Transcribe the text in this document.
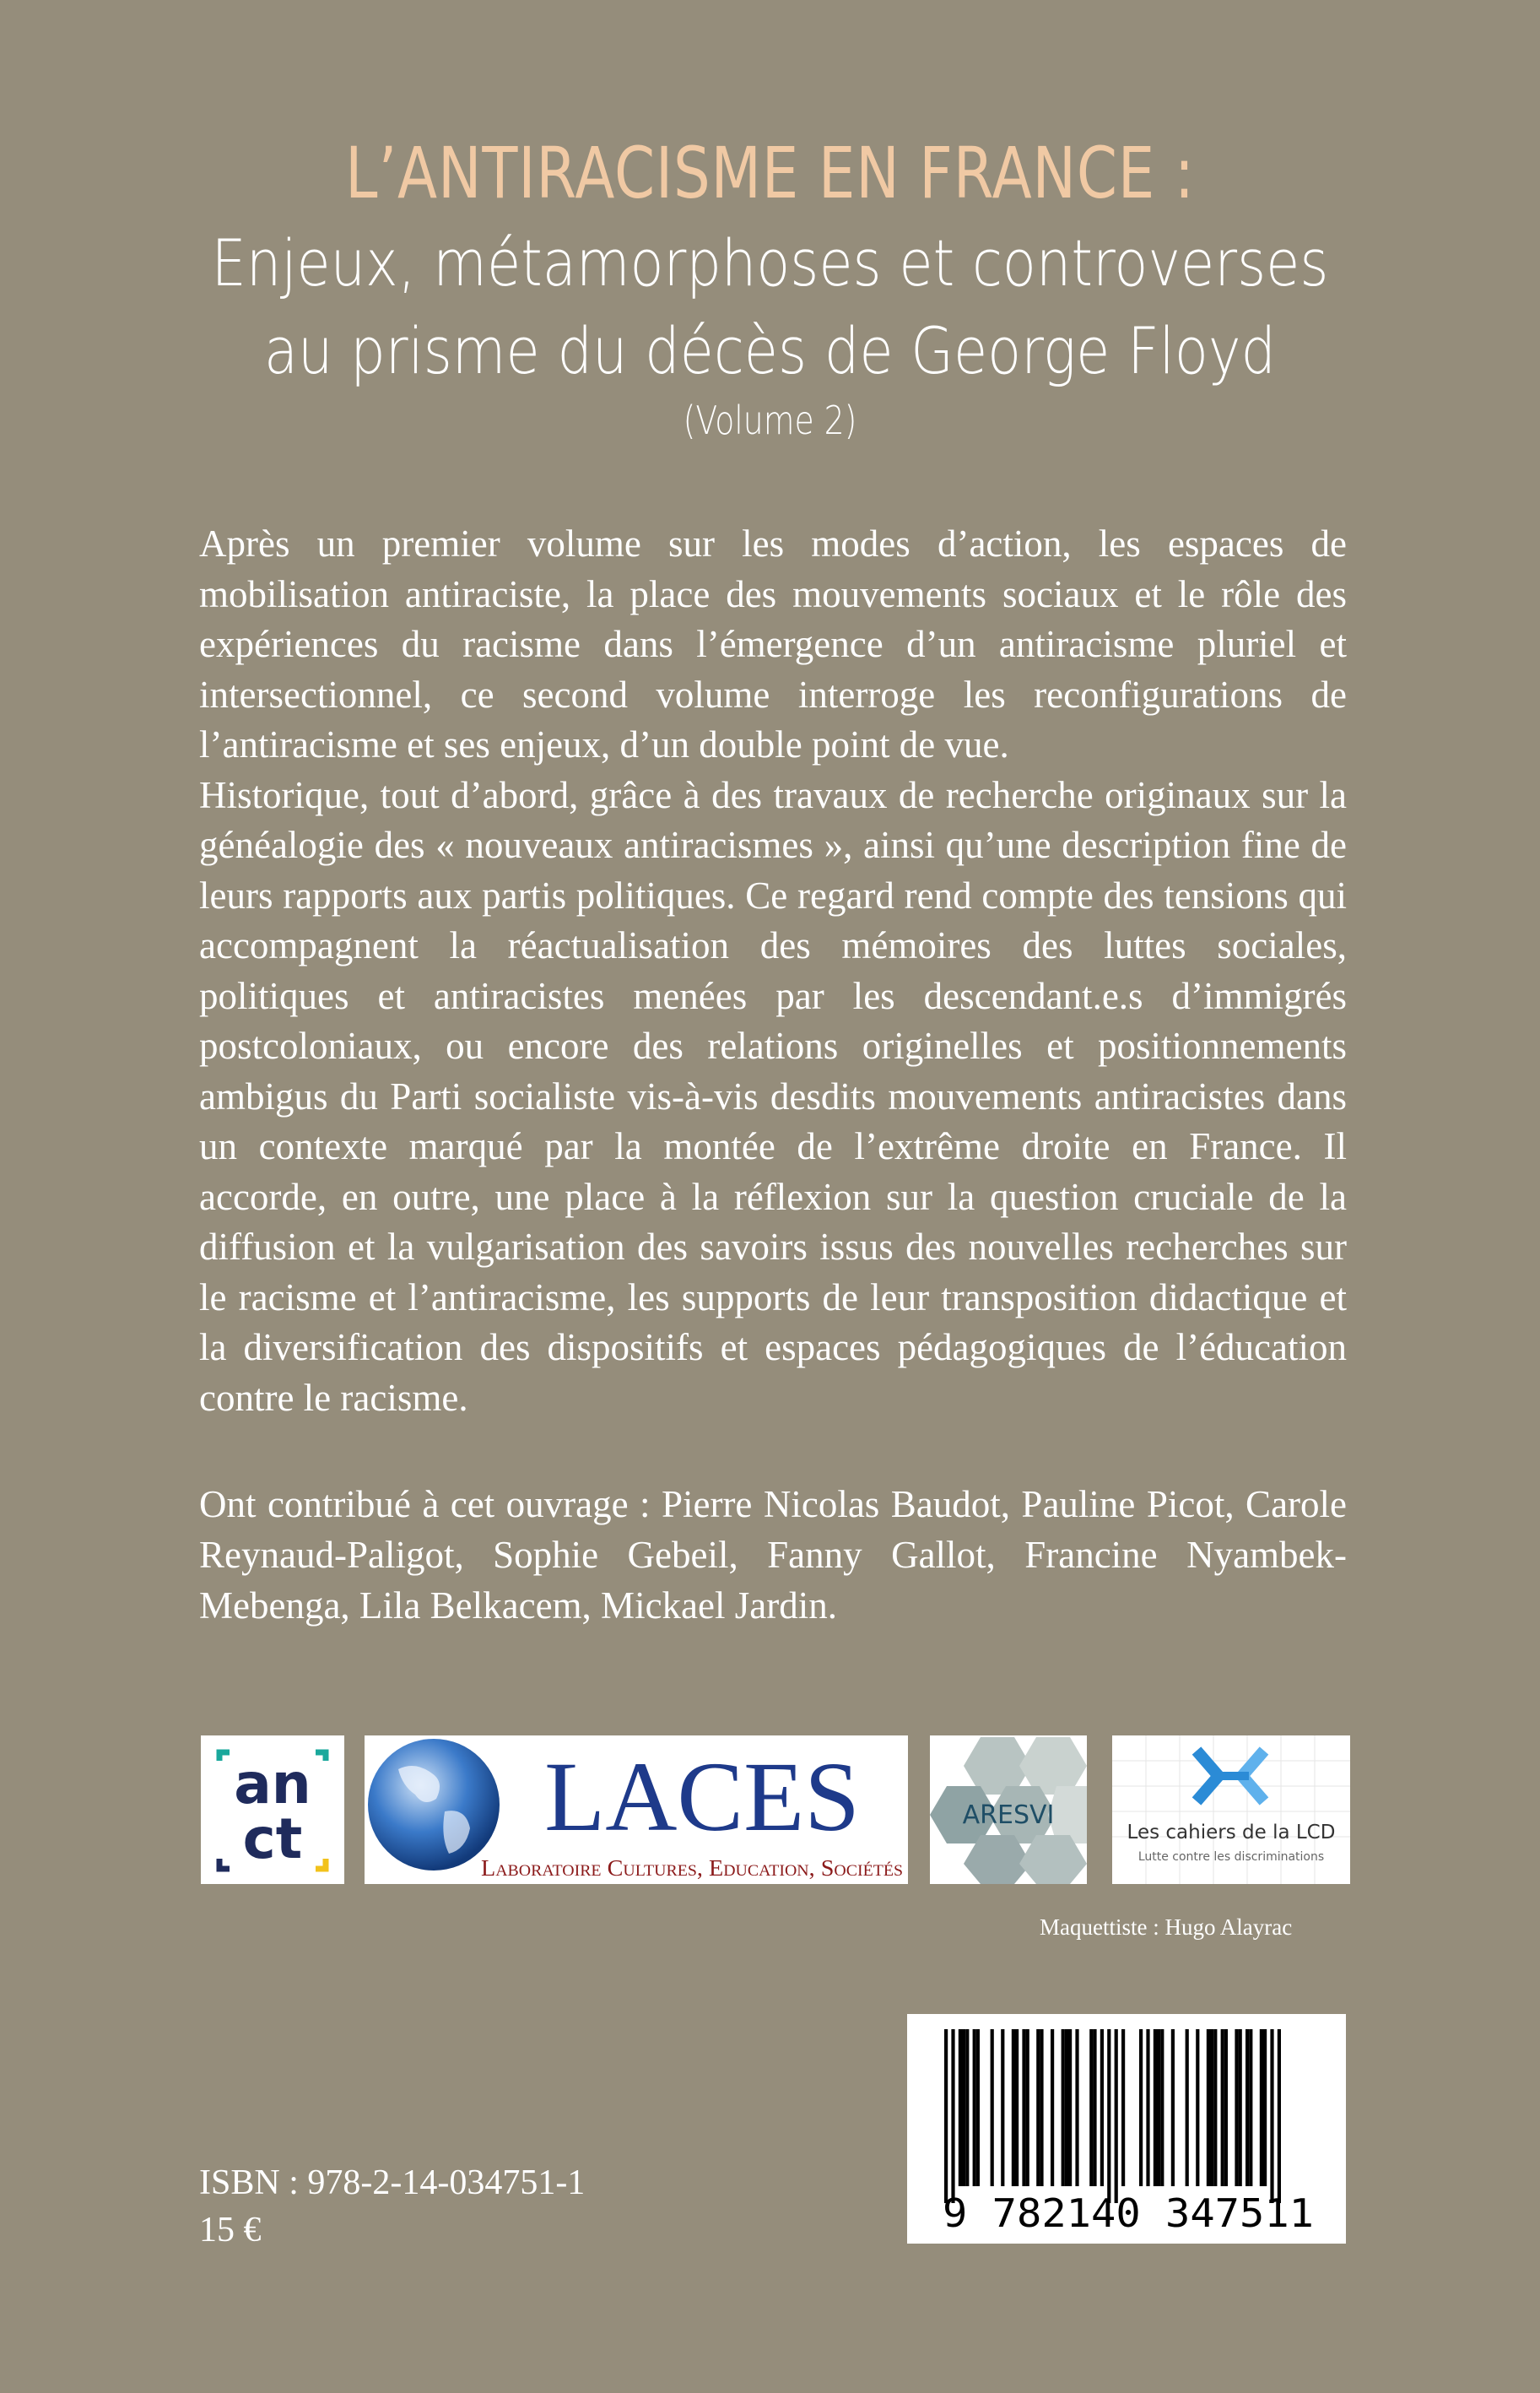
L’ANTIRACISME EN FRANCE :
Enjeux, métamorphoses et controverses
au prisme du décès de George Floyd
(Volume 2)

Après un premier volume sur les modes d’action, les espaces de mobilisation antiraciste, la place des mouvements sociaux et le rôle des expériences du racisme dans l’émergence d’un antiracisme pluriel et intersectionnel, ce second volume interroge les reconfigurations de l’antiracisme et ses enjeux, d’un double point de vue.

Historique, tout d’abord, grâce à des travaux de recherche originaux sur la généalogie des « nouveaux antiracismes », ainsi qu’une description fine de leurs rapports aux partis politiques. Ce regard rend compte des tensions qui accompagnent la réactualisation des mémoires des luttes sociales, politiques et antiracistes menées par les descendant.e.s d’immigrés postcoloniaux, ou encore des relations originelles et positionnements ambigus du Parti socialiste vis-à-vis desdits mouvements antiracistes dans un contexte marqué par la montée de l’extrême droite en France. Il accorde, en outre, une place à la réflexion sur la question cruciale de la diffusion et la vulgarisation des savoirs issus des nouvelles recherches sur le racisme et l’antiracisme, les supports de leur transposition didactique et la diversification des dispositifs et espaces pédagogiques de l’éducation contre le racisme.

Ont contribué à cet ouvrage : Pierre Nicolas Baudot, Pauline Picot, Carole Reynaud-Paligot, Sophie Gebeil, Fanny Gallot, Francine Nyambek-Mebenga, Lila Belkacem, Mickael Jardin.
an
ct LACES
Laboratoire Cultures, Education, Sociétés
ARESVI
Les cahiers de la LCD
Lutte contre les discriminations
Maquettiste : Hugo Alayrac
9 782140 347511
ISBN : 978-2-14-034751-1
15 €
